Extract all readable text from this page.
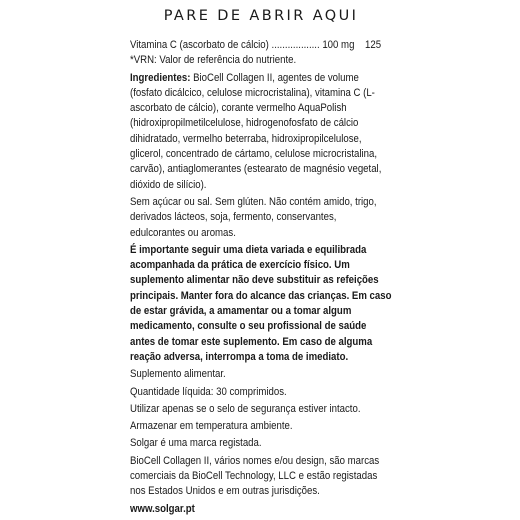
PARE DE ABRIR AQUI
Vitamina C (ascorbato de cálcio) .................. 100 mg 125
*VRN: Valor de referência do nutriente.
Ingredientes: BioCell Collagen II, agentes de volume (fosfato dicálcico, celulose microcristalina), vitamina C (L-ascorbato de cálcio), corante vermelho AquaPolish (hidroxipropilmetilcelulose, hidrogenofosfato de cálcio dihidratado, vermelho beterraba, hidroxipropilcelulose, glicerol, concentrado de cártamo, celulose microcristalina, carvão), antiaglomerantes (estearato de magnésio vegetal, dióxido de silício).
Sem açúcar ou sal. Sem glúten. Não contém amido, trigo, derivados lácteos, soja, fermento, conservantes, edulcorantes ou aromas.
É importante seguir uma dieta variada e equilibrada acompanhada da prática de exercício físico. Um suplemento alimentar não deve substituir as refeições principais. Manter fora do alcance das crianças. Em caso de estar grávida, a amamentar ou a tomar algum medicamento, consulte o seu profissional de saúde antes de tomar este suplemento. Em caso de alguma reação adversa, interrompa a toma de imediato.
Suplemento alimentar.
Quantidade líquida: 30 comprimidos.
Utilizar apenas se o selo de segurança estiver intacto.
Armazenar em temperatura ambiente.
Solgar é uma marca registada.
BioCell Collagen II, vários nomes e/ou design, são marcas comerciais da BioCell Technology, LLC e estão registadas nos Estados Unidos e em outras jurisdições.
www.solgar.pt
